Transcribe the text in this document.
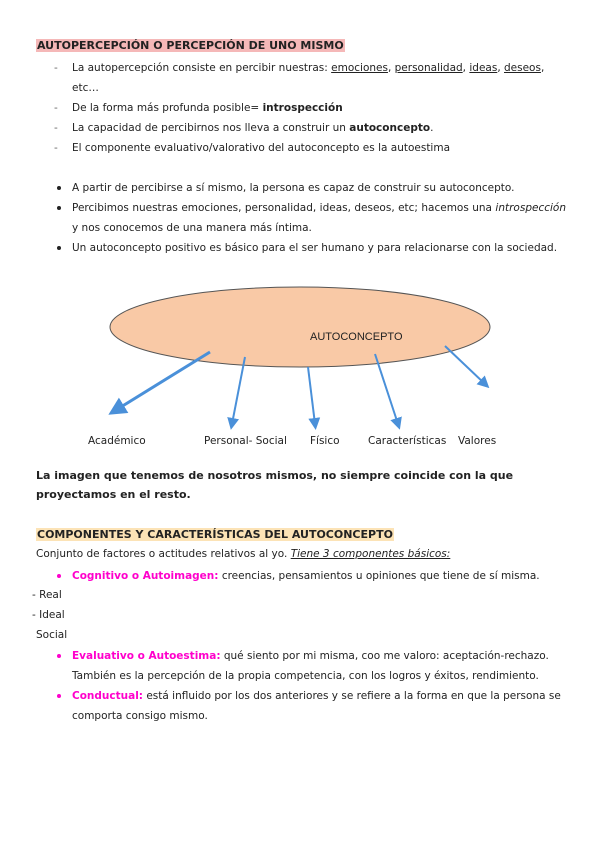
AUTOPERCEPCIÓN O PERCEPCIÓN DE UNO MISMO
- La autopercepción consiste en percibir nuestras: emociones, personalidad, ideas, deseos,
etc…
- De la forma más profunda posible= introspección
- La capacidad de percibirnos nos lleva a construir un autoconcepto.
- El componente evaluativo/valorativo del autoconcepto es la autoestima
A partir de percibirse a sí mismo, la persona es capaz de construir su autoconcepto.
Percibimos nuestras emociones, personalidad, ideas, deseos, etc; hacemos una introspección y nos conocemos de una manera más íntima.
Un autoconcepto positivo es básico para el ser humano y para relacionarse con la sociedad.
AUTOCONCEPTO
Académico	Personal- Social Físico	Características Valores
La imagen que tenemos de nosotros mismos, no siempre coincide con la que proyectamos en el resto.
COMPONENTES Y CARACTERÍSTICAS DEL AUTOCONCEPTO
Conjunto de factores o actitudes relativos al yo. Tiene 3 componentes básicos:
Cognitivo o Autoimagen: creencias, pensamientos u opiniones que tiene de sí misma.
- Real
- Ideal
Social
Evaluativo o Autoestima: qué siento por mi misma, coo me valoro: aceptación-rechazo. También es la percepción de la propia competencia, con los logros y éxitos, rendimiento.
Conductual: está influido por los dos anteriores y se refiere a la forma en que la persona se comporta consigo mismo.
